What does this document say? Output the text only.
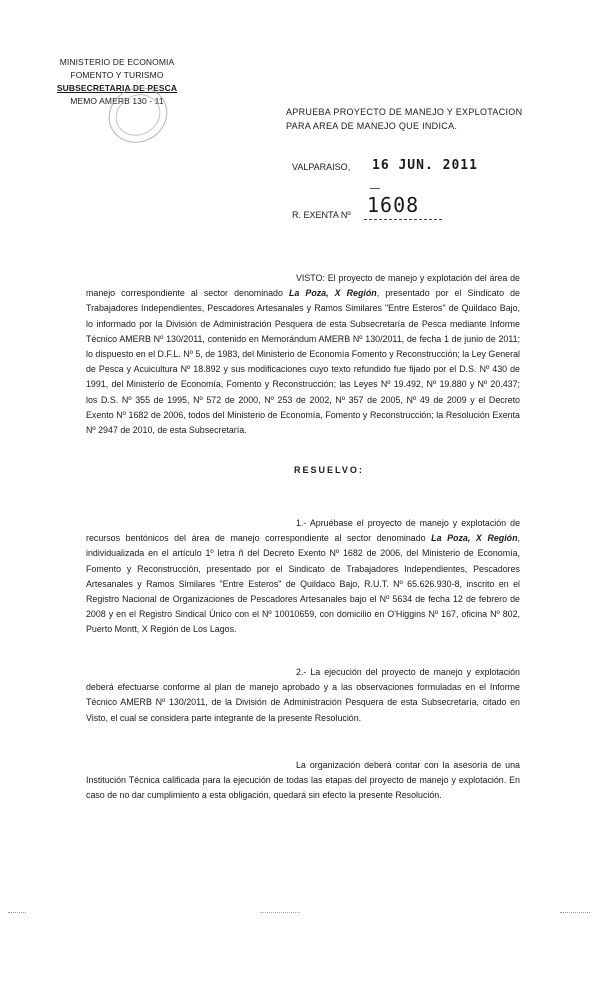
MINISTERIO DE ECONOMIA
FOMENTO Y TURISMO
SUBSECRETARIA DE PESCA
MEMO AMERB 130 - 11
APRUEBA PROYECTO DE MANEJO Y EXPLOTACION PARA AREA DE MANEJO QUE INDICA.
VALPARAISO, 16 JUN. 2011
R. EXENTA Nº 1608
VISTO: El proyecto de manejo y explotación del área de manejo correspondiente al sector denominado La Poza, X Región, presentado por el Sindicato de Trabajadores Independientes, Pescadores Artesanales y Ramos Similares "Entre Esteros" de Quildaco Bajo, lo informado por la División de Administración Pesquera de esta Subsecretaría de Pesca mediante Informe Técnico AMERB Nº 130/2011, contenido en Memorándum AMERB Nº 130/2011, de fecha 1 de junio de 2011; lo dispuesto en el D.F.L. Nº 5, de 1983, del Ministerio de Economía Fomento y Reconstrucción; la Ley General de Pesca y Acuicultura Nº 18.892 y sus modificaciones cuyo texto refundido fue fijado por el D.S. Nº 430 de 1991, del Ministerio de Economía, Fomento y Reconstrucción; las Leyes Nº 19.492, Nº 19.880 y Nº 20.437; los D.S. Nº 355 de 1995, Nº 572 de 2000, Nº 253 de 2002, Nº 357 de 2005, Nº 49 de 2009 y el Decreto Exento Nº 1682 de 2006, todos del Ministerio de Economía, Fomento y Reconstrucción; la Resolución Exenta Nº 2947 de 2010, de esta Subsecretaría.
RESUELVO:
1.- Apruébase el proyecto de manejo y explotación de recursos bentónicos del área de manejo correspondiente al sector denominado La Poza, X Región, individualizada en el artículo 1º letra ñ del Decreto Exento Nº 1682 de 2006, del Ministerio de Economía, Fomento y Reconstrucción, presentado por el Sindicato de Trabajadores Independientes, Pescadores Artesanales y Ramos Similares "Entre Esteros" de Quildaco Bajo, R.U.T. Nº 65.626.930-8, inscrito en el Registro Nacional de Organizaciones de Pescadores Artesanales bajo el Nº 5634 de fecha 12 de febrero de 2008 y en el Registro Sindical Único con el Nº 10010659, con domicilio en O'Higgins Nº 167, oficina Nº 802, Puerto Montt, X Región de Los Lagos.
2.- La ejecución del proyecto de manejo y explotación deberá efectuarse conforme al plan de manejo aprobado y a las observaciones formuladas en el Informe Técnico AMERB Nº 130/2011, de la División de Administración Pesquera de esta Subsecretaría, citado en Visto, el cual se considera parte integrante de la presente Resolución.
La organización deberá contar con la asesoría de una Institución Técnica calificada para la ejecución de todas las etapas del proyecto de manejo y explotación. En caso de no dar cumplimiento a esta obligación, quedará sin efecto la presente Resolución.
